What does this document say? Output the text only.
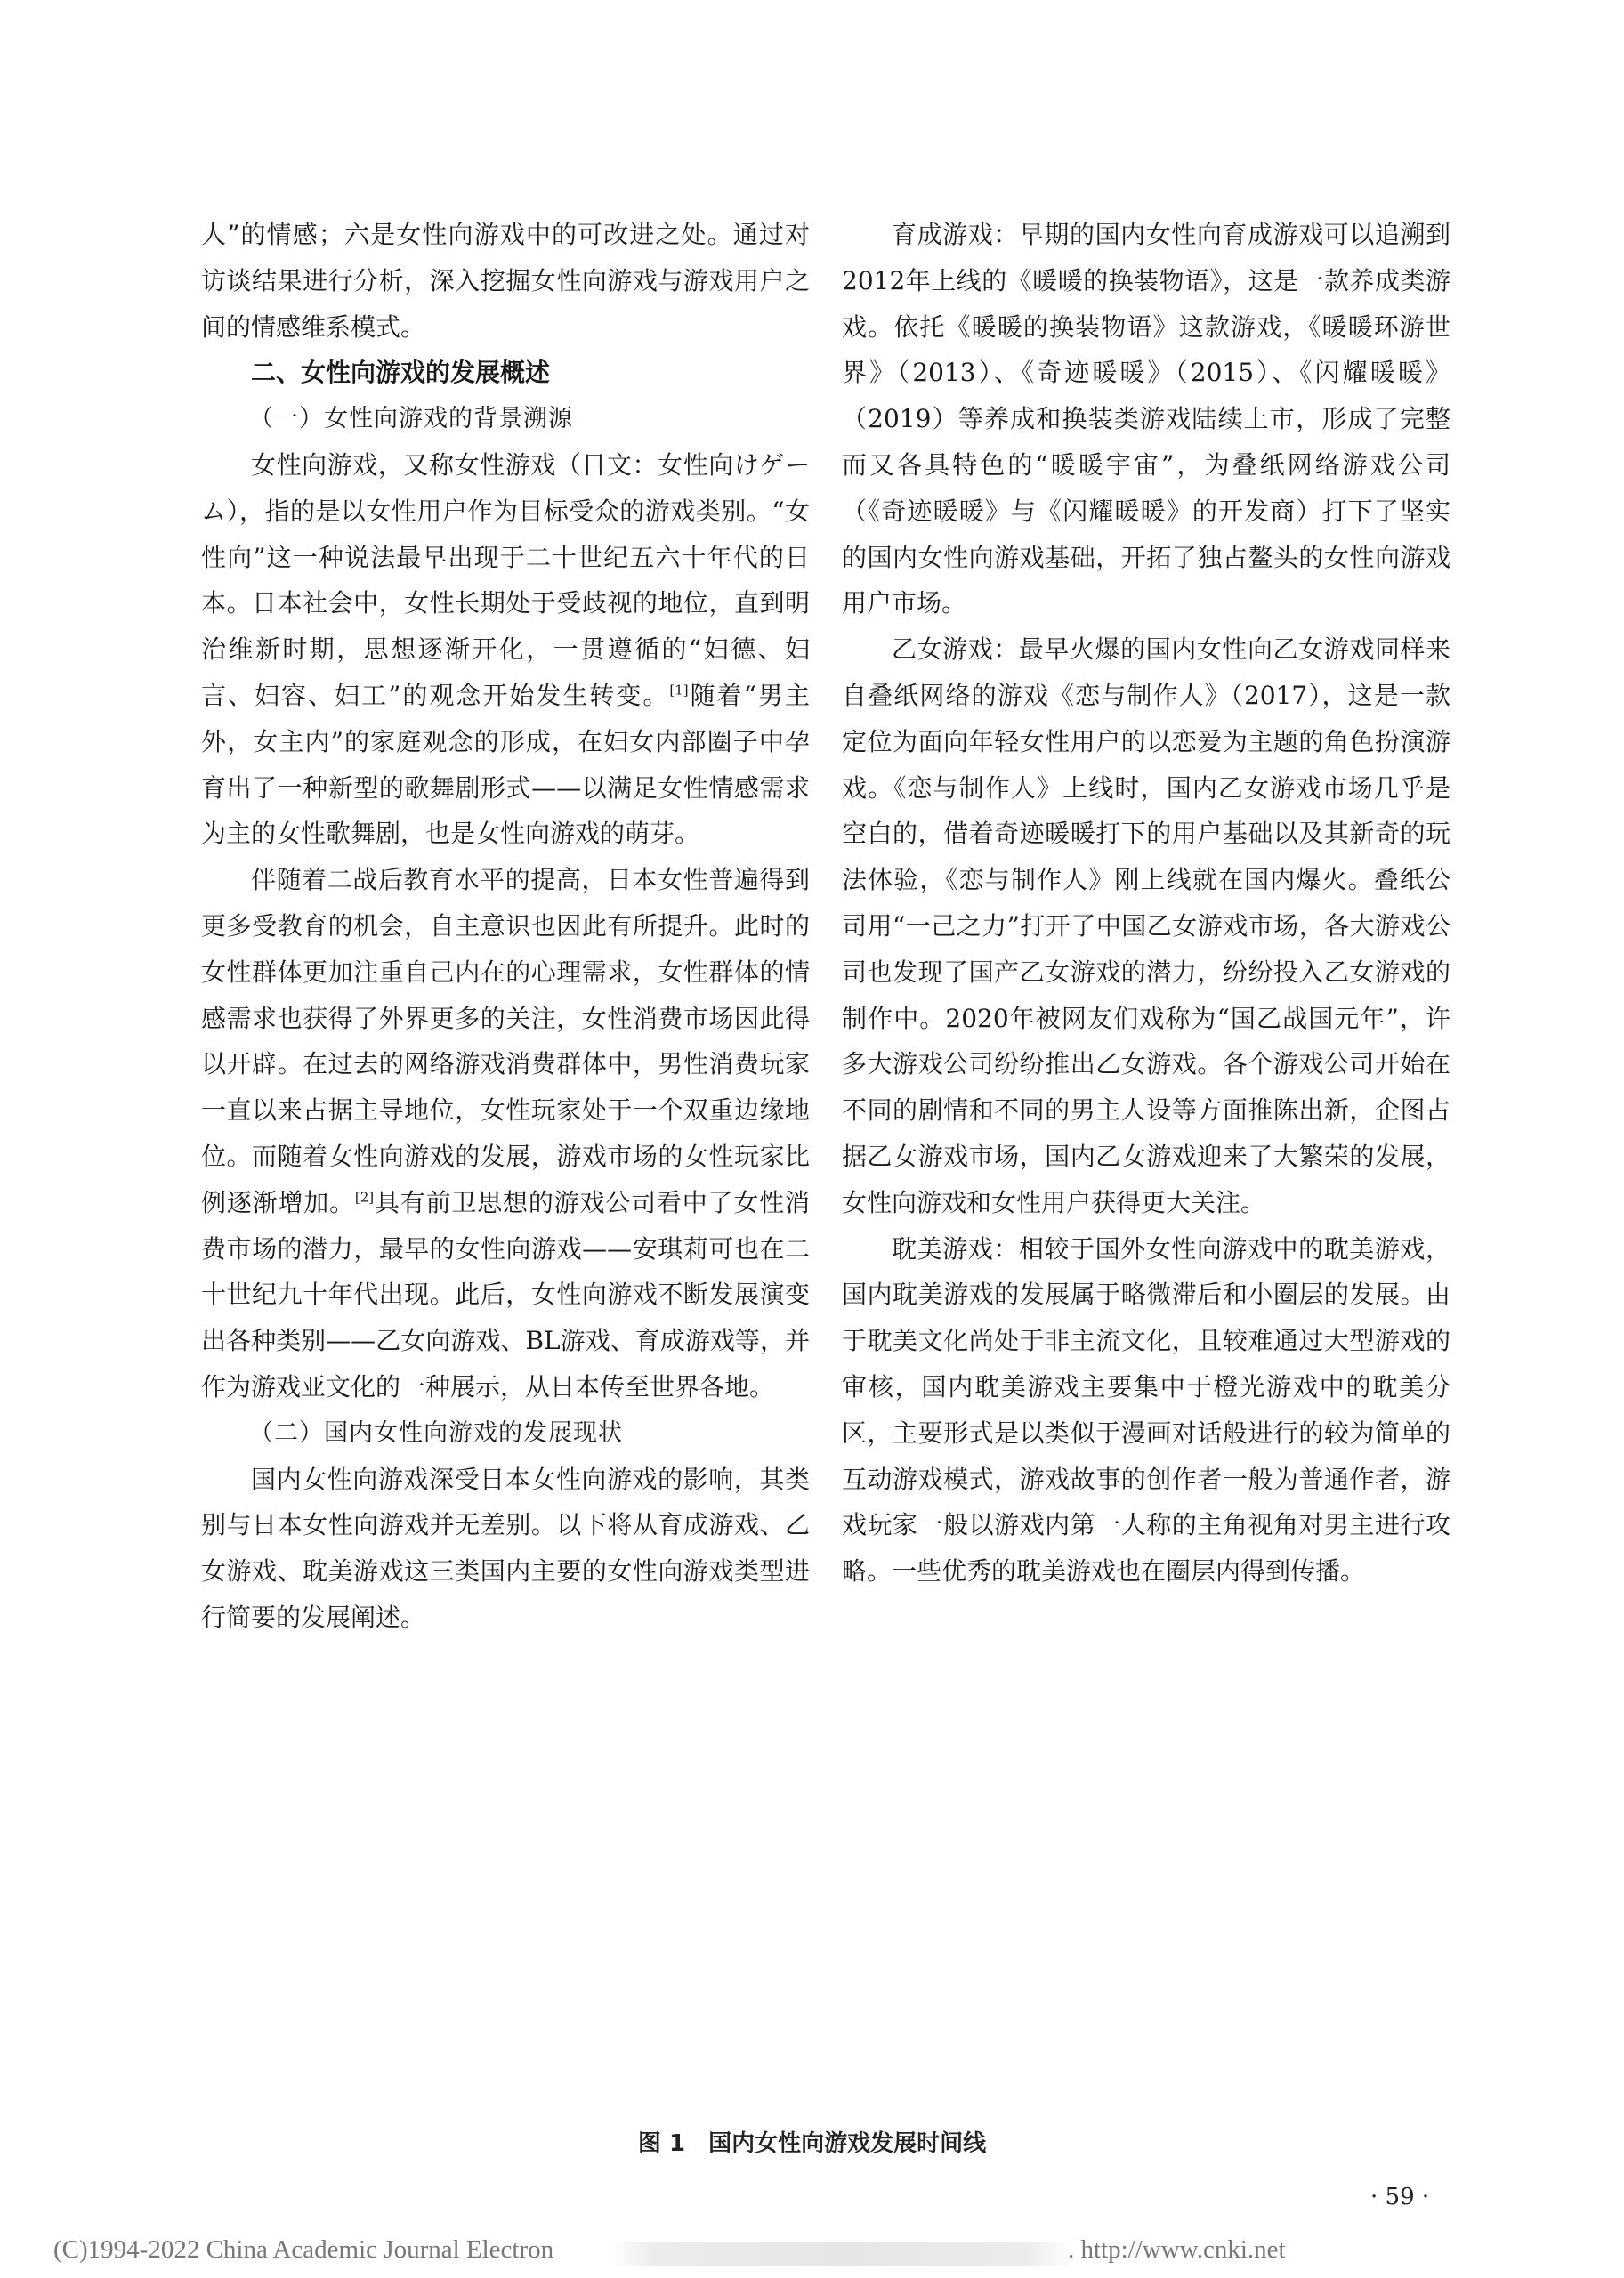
人”的情感；六是女性向游戏中的可改进之处。通过对访谈结果进行分析，深入挖掘女性向游戏与游戏用户之间的情感维系模式。

二、女性向游戏的发展概述
（一）女性向游戏的背景溯源

女性向游戏，又称女性游戏（日文：女性向けゲーム），指的是以女性用户作为目标受众的游戏类别。“女性向”这一种说法最早出现于二十世纪五六十年代的日本。日本社会中，女性长期处于受歧视的地位，直到明治维新时期，思想逐渐开化，一贯遵循的“妇德、妇言、妇容、妇工”的观念开始发生转变。[1]随着“男主外，女主内”的家庭观念的形成，在妇女内部圈子中孕育出了一种新型的歌舞剧形式——以满足女性情感需求为主的女性歌舞剧，也是女性向游戏的萌芽。

伴随着二战后教育水平的提高，日本女性普遍得到更多受教育的机会，自主意识也因此有所提升。此时的女性群体更加注重自己内在的心理需求，女性群体的情感需求也获得了外界更多的关注，女性消费市场因此得以开辟。在过去的网络游戏消费群体中，男性消费玩家一直以来占据主导地位，女性玩家处于一个双重边缘地位。而随着女性向游戏的发展，游戏市场的女性玩家比例逐渐增加。[2]具有前卫思想的游戏公司看中了女性消费市场的潜力，最早的女性向游戏——安琪莉可也在二十世纪九十年代出现。此后，女性向游戏不断发展演变出各种类别——乙女向游戏、BL游戏、育成游戏等，并作为游戏亚文化的一种展示，从日本传至世界各地。

（二）国内女性向游戏的发展现状

国内女性向游戏深受日本女性向游戏的影响，其类别与日本女性向游戏并无差别。以下将从育成游戏、乙女游戏、耽美游戏这三类国内主要的女性向游戏类型进行简要的发展阐述。

育成游戏：早期的国内女性向育成游戏可以追溯到2012年上线的《暖暖的换装物语》，这是一款养成类游戏。依托《暖暖的换装物语》这款游戏，《暖暖环游世界》（2013）、《奇迹暖暖》（2015）、《闪耀暖暖》（2019）等养成和换装类游戏陆续上市，形成了完整而又各具特色的“暖暖宇宙”，为叠纸网络游戏公司（《奇迹暖暖》与《闪耀暖暖》的开发商）打下了坚实的国内女性向游戏基础，开拓了独占鳌头的女性向游戏用户市场。

乙女游戏：最早火爆的国内女性向乙女游戏同样来自叠纸网络的游戏《恋与制作人》（2017），这是一款定位为面向年轻女性用户的以恋爱为主题的角色扮演游戏。《恋与制作人》上线时，国内乙女游戏市场几乎是空白的，借着奇迹暖暖打下的用户基础以及其新奇的玩法体验，《恋与制作人》刚上线就在国内爆火。叠纸公司用“一己之力”打开了中国乙女游戏市场，各大游戏公司也发现了国产乙女游戏的潜力，纷纷投入乙女游戏的制作中。2020年被网友们戏称为“国乙战国元年”，许多大游戏公司纷纷推出乙女游戏。各个游戏公司开始在不同的剧情和不同的男主人设等方面推陈出新，企图占据乙女游戏市场，国内乙女游戏迎来了大繁荣的发展，女性向游戏和女性用户获得更大关注。

耽美游戏：相较于国外女性向游戏中的耽美游戏，国内耽美游戏的发展属于略微滞后和小圈层的发展。由于耽美文化尚处于非主流文化，且较难通过大型游戏的审核，国内耽美游戏主要集中于橙光游戏中的耽美分区，主要形式是以类似于漫画对话般进行的较为简单的互动游戏模式，游戏故事的创作者一般为普通作者，游戏玩家一般以游戏内第一人称的主角视角对男主进行攻略。一些优秀的耽美游戏也在圈层内得到传播。

图 1　国内女性向游戏发展时间线
· 59 ·
(C)1994-2022 China Academic Journal Electron	. http://www.cnki.net
